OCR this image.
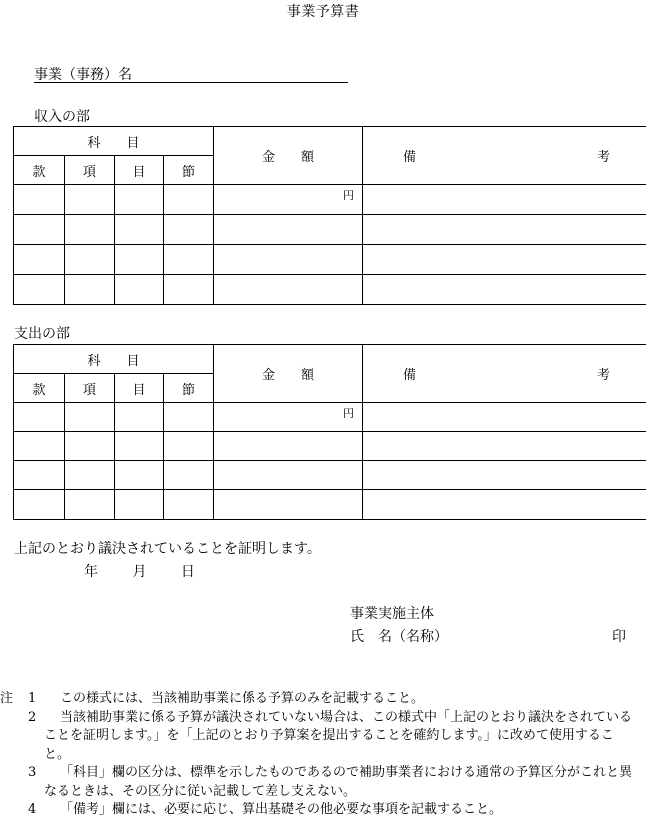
事業予算書
事業（事務）名
収入の部
科　　目				金　　額	備 考

款	項	目	節		
				円	

支出の部
科　　目				金　　額	備 考

款	項	目	節		
				円	

上記のとおり議決されていることを証明します。
年 月 日
事業実施主体
氏　名（名称）	印
注 1 この様式には、当該補助事業に係る予算のみを記載すること。
2	当該補助事業に係る予算が議決されていない場合は、この様式中「上記のとおり議決をされていることを証明します。」を「上記のとおり予算案を提出することを確約します。」に改めて使用すること。
3	「科目」欄の区分は、標準を示したものであるので補助事業者における通常の予算区分がこれと異なるときは、その区分に従い記載して差し支えない。
4	「備考」欄には、必要に応じ、算出基礎その他必要な事項を記載すること。
